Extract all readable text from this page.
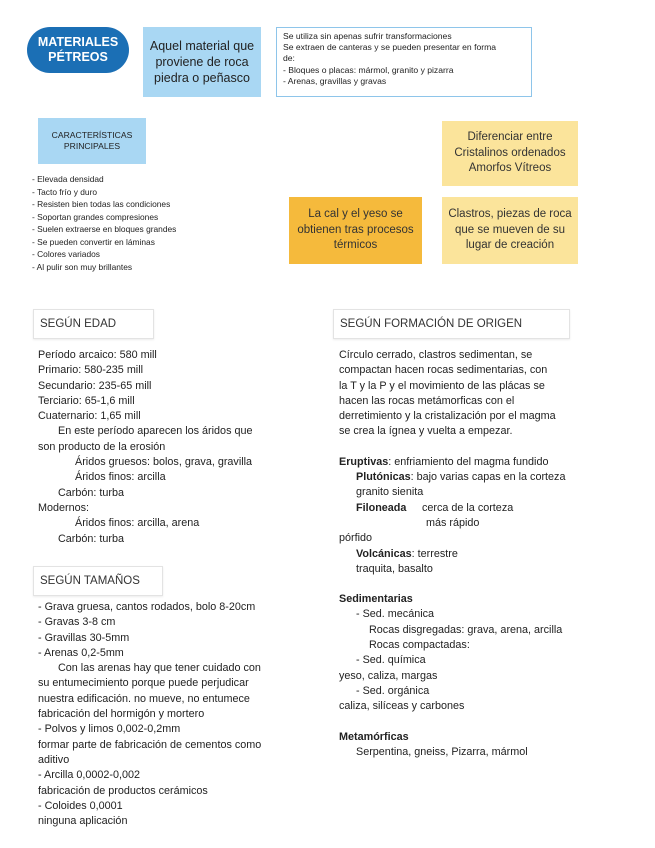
MATERIALES
PÉTREOS
Aquel material que proviene de roca piedra o peñasco
Se utiliza sin apenas sufrir transformaciones
Se extraen de canteras y se pueden presentar en forma
de:
- Bloques o placas: mármol, granito y pizarra
- Arenas, gravillas y gravas
CARACTERÍSTICAS
PRINCIPALES
- Elevada densidad
- Tacto frío y duro
- Resisten bien todas las condiciones
- Soportan grandes compresiones
- Suelen extraerse en bloques grandes
- Se pueden convertir en láminas
- Colores variados
- Al pulir son muy brillantes
Diferenciar entre
Cristalinos ordenados
Amorfos Vítreos
La cal y el yeso se
obtienen tras procesos
térmicos
Clastros, piezas de roca
que se mueven de su
lugar de creación
SEGÚN EDAD
Período arcaico: 580 mill
Primario: 580-235 mill
Secundario: 235-65 mill
Terciario: 65-1,6 mill
Cuaternario: 1,65 mill
En este período aparecen los áridos que
son producto de la erosión
Áridos gruesos: bolos, grava, gravilla
Áridos finos: arcilla
Carbón: turba
Modernos:
Áridos finos: arcilla, arena
Carbón: turba
SEGÚN TAMAÑOS
- Grava gruesa, cantos rodados, bolo 8-20cm
- Gravas 3-8 cm
- Gravillas 30-5mm
- Arenas 0,2-5mm
Con las arenas hay que tener cuidado con
su entumecimiento porque puede perjudicar
nuestra edificación. no mueve, no entumece
fabricación del hormigón y mortero
- Polvos y limos 0,002-0,2mm
formar parte de fabricación de cementos como
aditivo
- Arcilla 0,0002-0,002
fabricación de productos cerámicos
- Coloides 0,0001
ninguna aplicación
SEGÚN FORMACIÓN DE ORIGEN
Círculo cerrado, clastros sedimentan, se
compactan hacen rocas sedimentarias, con
la T y la P y el movimiento de las plácas se
hacen las rocas metámorficas con el
derretimiento y la cristalización por el magma
se crea la ígnea y vuelta a empezar.
Eruptivas: enfriamiento del magma fundido
Plutónicas: bajo varias capas en la corteza
granito sienita
Filoneada cerca de la corteza
más rápido
pórfido
Volcánicas: terrestre
traquita, basalto
Sedimentarias
- Sed. mecánica
Rocas disgregadas: grava, arena, arcilla
Rocas compactadas:
- Sed. química
yeso, caliza, margas
- Sed. orgánica
caliza, silíceas y carbones
Metamórficas
Serpentina, gneiss, Pizarra, mármol
